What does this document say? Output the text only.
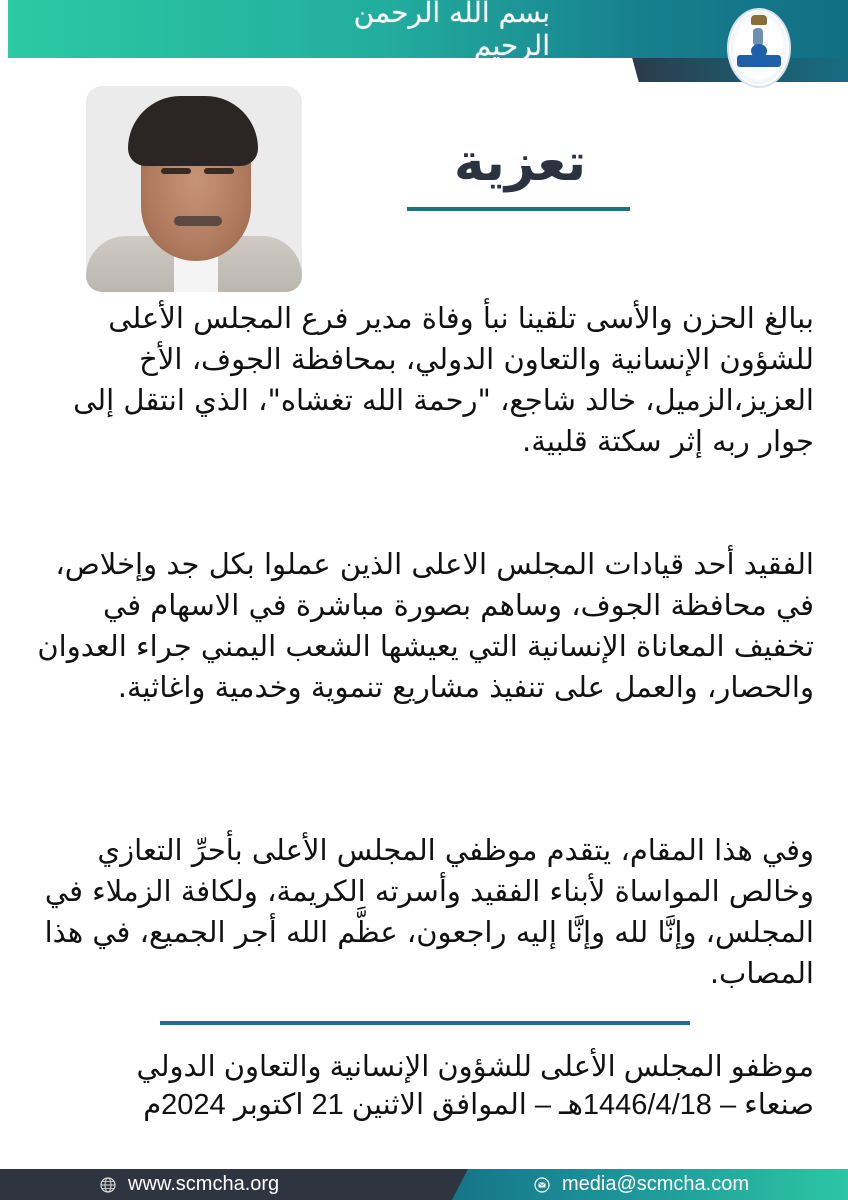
بسم الله الرحمن الرحيم
تعزية
ببالغ الحزن والأسى تلقينا نبأ وفاة مدير فرع المجلس الأعلى للشؤون الإنسانية والتعاون الدولي، بمحافظة الجوف، الأخ العزيز،الزميل، خالد شاجع، "رحمة الله تغشاه"، الذي انتقل إلى جوار ربه إثر سكتة قلبية.
الفقيد أحد قيادات المجلس الاعلى الذين عملوا بكل جد وإخلاص، في محافظة الجوف، وساهم بصورة مباشرة في الاسهام في تخفيف المعاناة الإنسانية التي يعيشها الشعب اليمني جراء العدوان والحصار، والعمل على تنفيذ مشاريع تنموية وخدمية واغاثية.
وفي هذا المقام، يتقدم موظفي المجلس الأعلى بأحرِّ التعازي وخالص المواساة لأبناء الفقيد وأسرته الكريمة، ولكافة الزملاء في المجلس، وإنَّا لله وإنَّا إليه راجعون، عظَّم الله أجر الجميع، في هذا المصاب.
موظفو المجلس الأعلى للشؤون الإنسانية والتعاون الدولي
صنعاء – 1446/4/18هـ – الموافق الاثنين 21 اكتوبر 2024م
www.scmcha.org	media@scmcha.com
